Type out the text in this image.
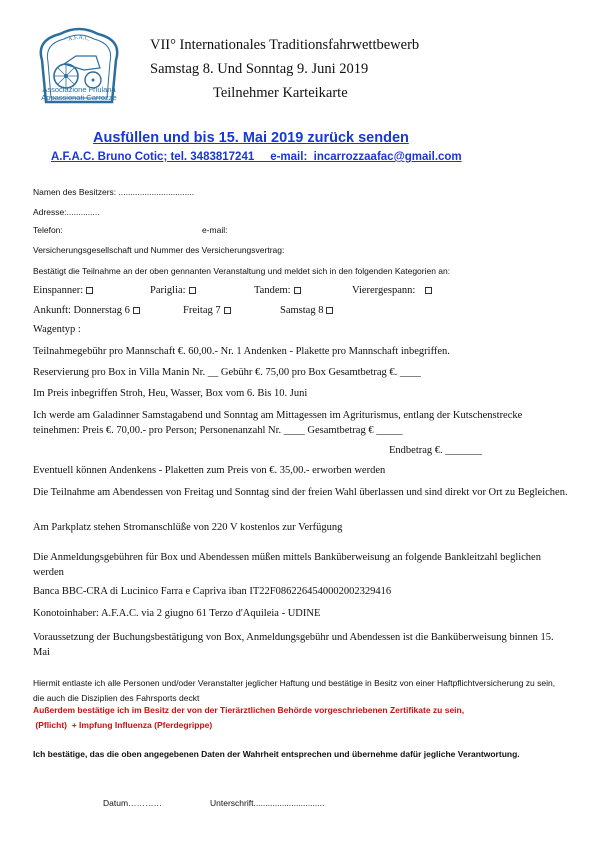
A.F.A.C.
Associazione Friulana
Appassionati Carrozze
VII° Internationales Traditionsfahrwettbewerb
Samstag 8. Und Sonntag 9. Juni 2019
Teilnehmer Karteikarte
Ausfüllen und bis 15. Mai 2019 zurück senden
A.F.A.C. Bruno Cotic; tel. 3483817241     e-mail:  incarrozzaafac@gmail.com
Namen des Besitzers: ................................
Adresse:..............
Telefon:	e-mail:
Versicherungsgesellschaft und Nummer des Versicherungsvertrag:
Bestätigt die Teilnahme an der oben gennanten Veranstaltung und meldet sich in den folgenden Kategorien an:
Einspanner:	Pariglia:	Tandem:	Vierergespann:
Ankunft: Donnerstag 6	Freitag 7	Samstag 8
Wagentyp :
Teilnahmegebühr pro Mannschaft €. 60,00.- Nr. 1 Andenken - Plakette pro Mannschaft inbegriffen.
Reservierung pro Box in Villa Manin Nr. __ Gebühr €. 75,00 pro Box Gesamtbetrag €. ____
Im Preis inbegriffen Stroh, Heu, Wasser, Box vom 6. Bis 10. Juni
Ich werde am Galadinner Samstagabend und Sonntag am Mittagessen im Agriturismus, entlang der Kutschenstrecke teinehmen: Preis €. 70,00.- pro Person; Personenanzahl Nr. ____ Gesamtbetrag € _____
Endbetrag €. _______
Eventuell können Andenkens - Plaketten zum Preis von €. 35,00.- erworben werden
Die Teilnahme am Abendessen von Freitag und Sonntag sind der freien Wahl überlassen und sind direkt vor Ort zu Begleichen.
Am Parkplatz stehen Stromanschlüße von 220 V kostenlos zur Verfügung
Die Anmeldungsgebühren für Box und Abendessen müßen mittels Banküberweisung an folgende Bankleitzahl beglichen werden
Banca BBC-CRA di Lucinico Farra e Capriva iban IT22F0862264540002002329416
Konotoinhaber: A.F.A.C. via 2 giugno 61 Terzo d'Aquileia - UDINE
Voraussetzung der Buchungsbestätigung von Box, Anmeldungsgebühr und Abendessen ist die Banküberweisung binnen 15. Mai
Hiermit entlaste ich alle Personen und/oder Veranstalter jeglicher Haftung und bestätige in Besitz von einer Haftpflichtversicherung zu sein, die auch die Disziplien des Fahrsports deckt
Außerdem bestätige ich im Besitz der von der Tierärztlichen Behörde vorgeschriebenen Zertifikate zu sein,
(Pflicht)  + Impfung Influenza (Pferdegrippe)
Ich bestätige, das die oben angegebenen Daten der Wahrheit entsprechen und übernehme dafür jegliche Verantwortung.
Datum…………	Unterschrift..............................
